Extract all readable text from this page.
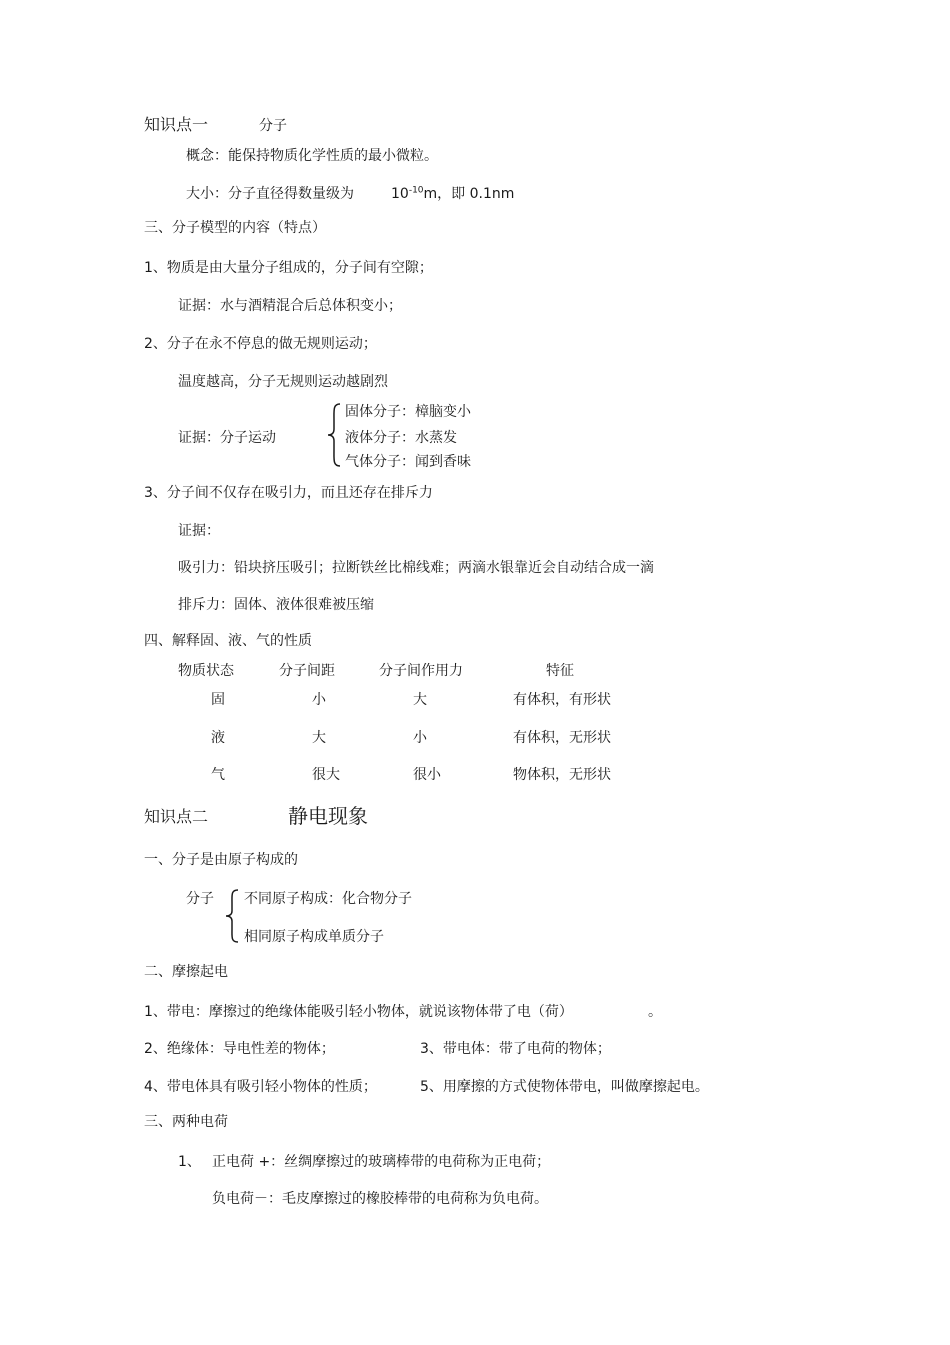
知识点一	分子
概念：能保持物质化学性质的最小微粒。
大小：分子直径得数量级为	$10^{-10}m$，即 0.1nm
三、分子模型的内容（特点）
1、物质是由大量分子组成的，分子间有空隙；
证据：水与酒精混合后总体积变小；
2、分子在永不停息的做无规则运动；
温度越高，分子无规则运动越剧烈
证据：分子运动
固体分子：樟脑变小
液体分子：水蒸发
气体分子：闻到香味
3、分子间不仅存在吸引力，而且还存在排斥力
证据：
吸引力：铅块挤压吸引；拉断铁丝比棉线难；两滴水银靠近会自动结合成一滴
排斥力：固体、液体很难被压缩
四、解释固、液、气的性质
物质状态	分子间距	分子间作用力	特征
固	小	大	有体积，有形状
液	大	小	有体积，无形状
气	很大	很小	物体积，无形状
知识点二	静电现象
一、分子是由原子构成的
分子 不同原子构成：化合物分子
相同原子构成单质分子
二、摩擦起电
1、带电：摩擦过的绝缘体能吸引轻小物体，就说该物体带了电（荷）	。
2、绝缘体：导电性差的物体；	3、带电体：带了电荷的物体；
4、带电体具有吸引轻小物体的性质；	5、用摩擦的方式使物体带电，叫做摩擦起电。
三、两种电荷
1、 正电荷 +：丝绸摩擦过的玻璃棒带的电荷称为正电荷；
负电荷－：毛皮摩擦过的橡胶棒带的电荷称为负电荷。
